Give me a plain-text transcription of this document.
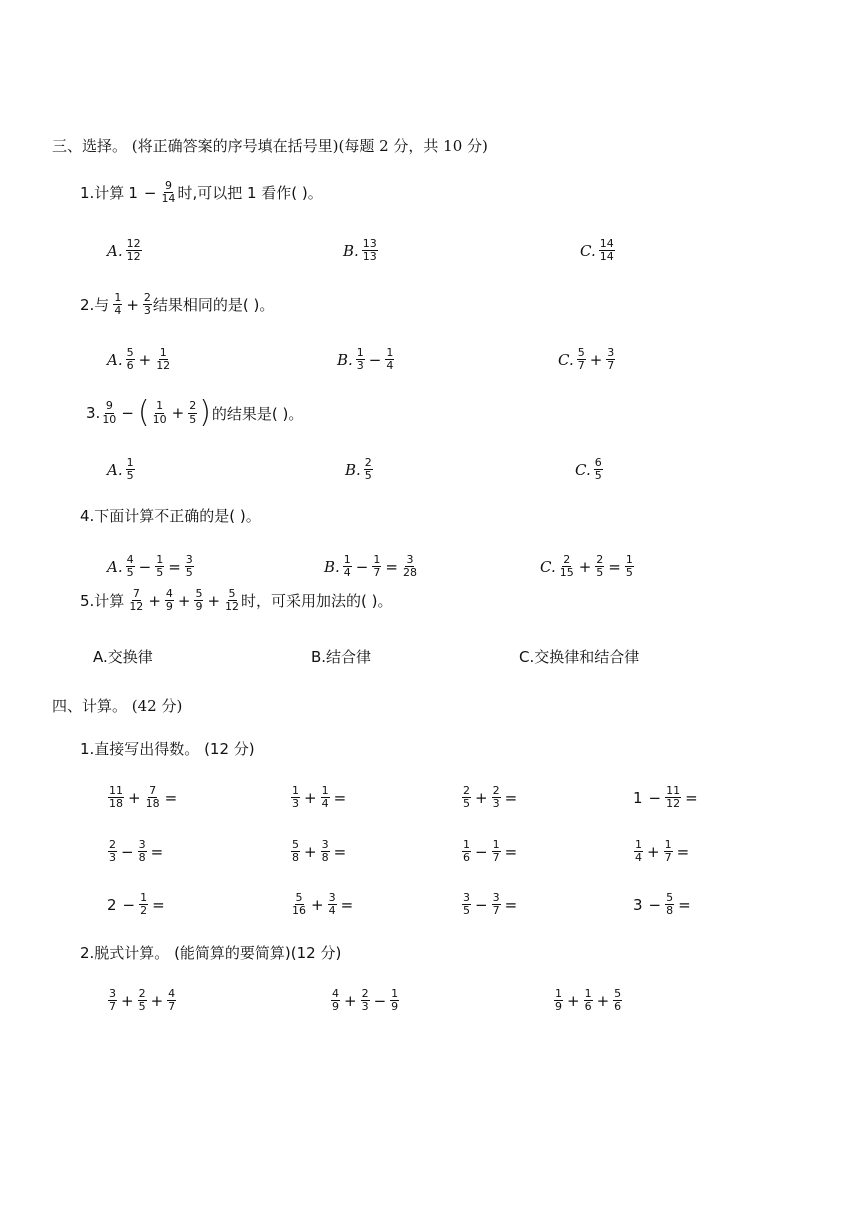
三、选择。 (将正确答案的序号填在括号里)(每题 2 分，共 10 分)
1.计算 $1 - \frac{9}{14}$ 时,可以把 1 看作( )。
A. $\frac{12}{12}$	B. $\frac{13}{13}$	C. $\frac{14}{14}$
2.与 $\frac{1}{4} + \frac{2}{3}$ 结果相同的是( )。
A. $\frac{5}{6} + \frac{1}{12}$	B. $\frac{1}{3} - \frac{1}{4}$	C. $\frac{5}{7} + \frac{3}{7}$
3. $\frac{9}{10}$ − ( $\frac{1}{10} + \frac{2}{5}$ ) 的结果是( )。
A. $\frac{1}{5}$	B. $\frac{2}{5}$	C. $\frac{6}{5}$
4.下面计算不正确的是( )。
A. $\frac{4}{5} - \frac{1}{5} = \frac{3}{5}$	B. $\frac{1}{4} - \frac{1}{7} = \frac{3}{28}$	C. $\frac{2}{15} + \frac{2}{5} = \frac{1}{5}$
5.计算 $\frac{7}{12} + \frac{4}{9} + \frac{5}{9} + \frac{5}{12}$ 时，可采用加法的( )。
A.交换律	B.结合律	C.交换律和结合律
四、计算。 (42 分)
1.直接写出得数。 (12 分)
$\frac{11}{18} + \frac{7}{18}$ =	$\frac{1}{3} + \frac{1}{4}$ =	$\frac{2}{5} + \frac{2}{3}$ =	$1 - \frac{11}{12}$ =
$\frac{2}{3} - \frac{3}{8}$ =	$\frac{5}{8} + \frac{3}{8}$ =	$\frac{1}{6} - \frac{1}{7}$ =	$\frac{1}{4} + \frac{1}{7}$ =
$2 - \frac{1}{2}$ =	$\frac{5}{16} + \frac{3}{4}$ =	$\frac{3}{5} - \frac{3}{7}$ =	$3 - \frac{5}{8}$ =
2.脱式计算。 (能简算的要简算)(12 分)
$\frac{3}{7} + \frac{2}{5} + \frac{4}{7}$	$\frac{4}{9} + \frac{2}{3} - \frac{1}{9}$	$\frac{1}{9} + \frac{1}{6} + \frac{5}{6}$
